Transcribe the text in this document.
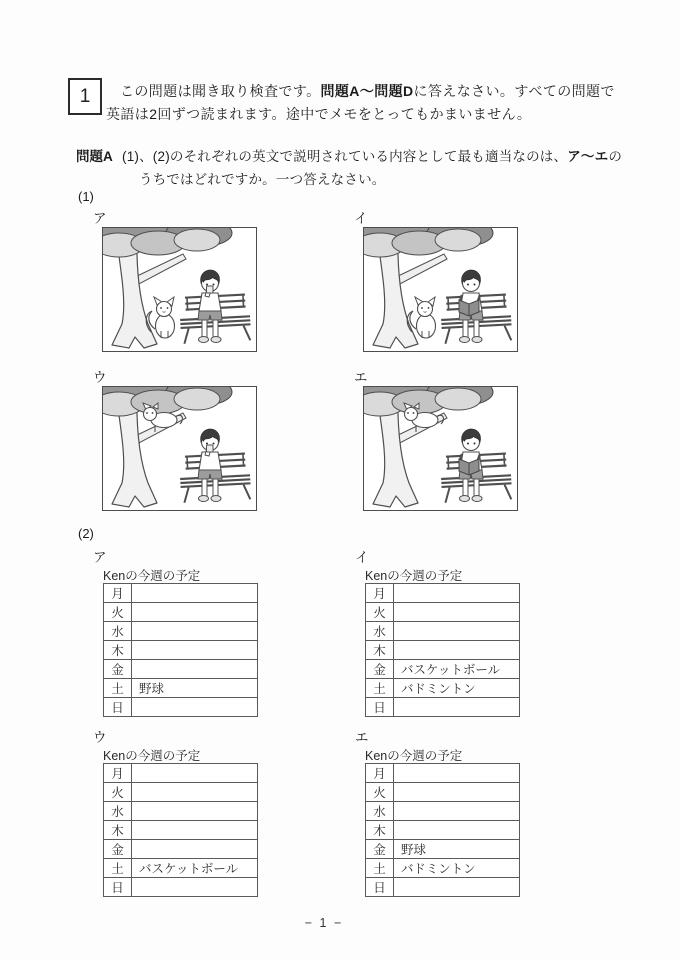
1	この問題は聞き取り検査です。問題A～問題Dに答えなさい。すべての問題で
英語は2回ずつ読まれます。途中でメモをとってもかまいません。
問題A (1)、(2)のそれぞれの英文で説明されている内容として最も適当なのは、ア～エの
うちではどれですか。一つ答えなさい。
(1)
ア	イ
ウ	エ
(2)
ア
Kenの今週の予定
月	
火	
水	
木	
金	
土	野球
日	
イ
Kenの今週の予定
月	
火	
水	
木	
金	バスケットボール
土	バドミントン
日	
ウ
Kenの今週の予定
月	
火	
水	
木	
金	
土	バスケットボール
日	
エ
Kenの今週の予定
月	
火	
水	
木	
金	野球
土	バドミントン
日	
− 1 −
